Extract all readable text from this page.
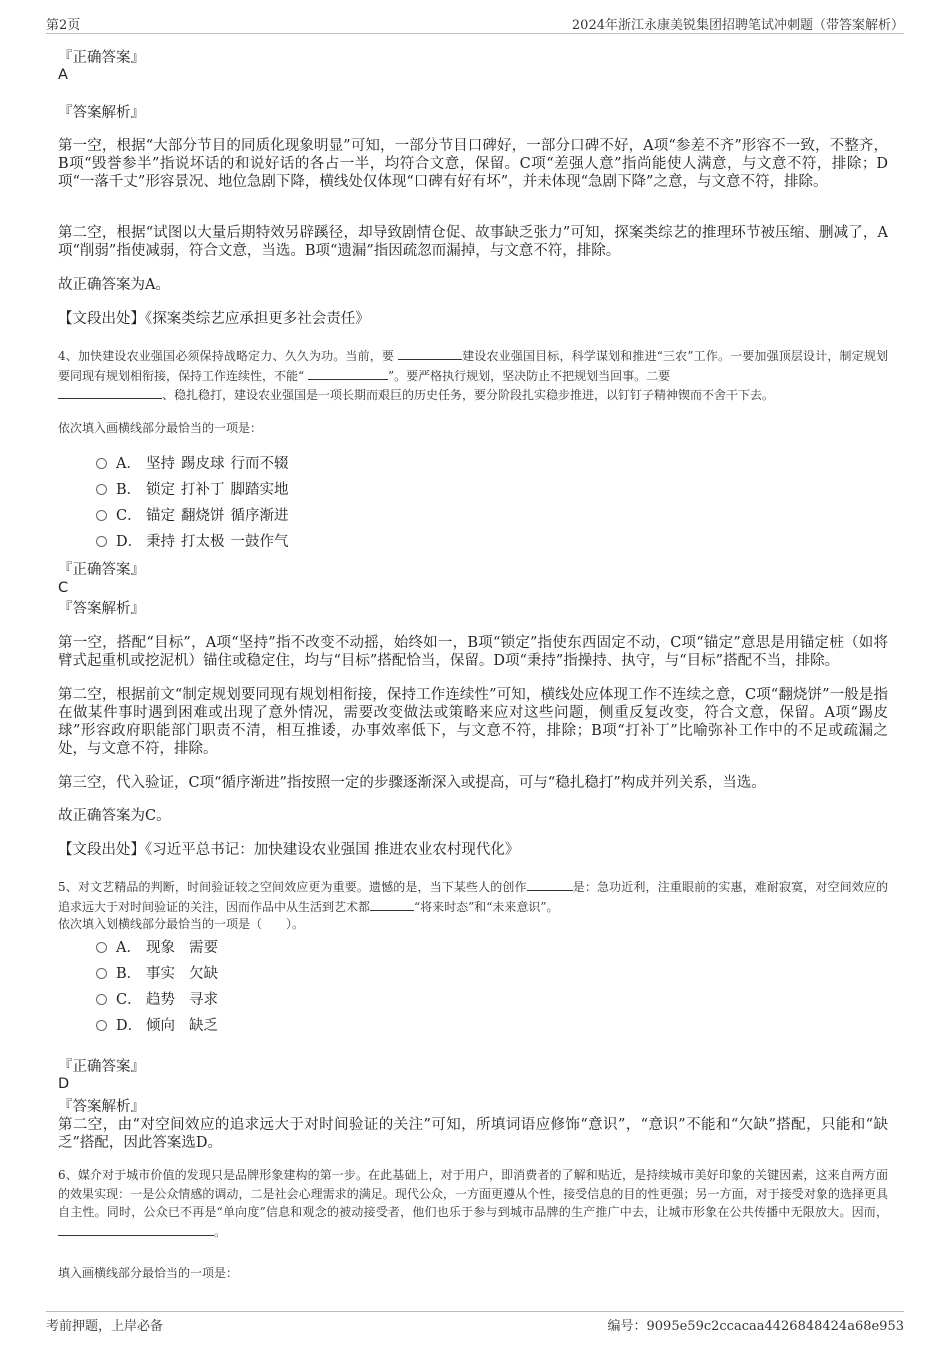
第2页	2024年浙江永康美锐集团招聘笔试冲刺题（带答案解析）
『正确答案』
A
『答案解析』
第一空，根据“大部分节目的同质化现象明显”可知，一部分节目口碑好，一部分口碑不好，A项“参差不齐”形容不一致，不整齐，B项“毁誉参半”指说坏话的和说好话的各占一半，均符合文意，保留。C项“差强人意”指尚能使人满意，与文意不符，排除；D项“一落千丈”形容景况、地位急剧下降，横线处仅体现“口碑有好有坏”，并未体现“急剧下降”之意，与文意不符，排除。
第二空，根据“试图以大量后期特效另辟蹊径，却导致剧情仓促、故事缺乏张力”可知，探案类综艺的推理环节被压缩、删减了，A项“削弱”指使减弱，符合文意，当选。B项“遗漏”指因疏忽而漏掉，与文意不符，排除。
故正确答案为A。
【文段出处】《探案类综艺应承担更多社会责任》
4、加快建设农业强国必须保持战略定力、久久为功。当前，要	建设农业强国目标，科学谋划和推进“三农”工作。一要加强顶层设计，制定规划要同现有规划相衔接，保持工作连续性，不能“	”。要严格执行规划，坚决防止不把规划当回事。二要
、稳扎稳打，建设农业强国是一项长期而艰巨的历史任务，要分阶段扎实稳步推进，以钉钉子精神锲而不舍干下去。
依次填入画横线部分最恰当的一项是：
A． 坚持 踢皮球 行而不辍
B． 锁定 打补丁 脚踏实地
C． 锚定 翻烧饼 循序渐进
D． 秉持 打太极 一鼓作气
『正确答案』
C
『答案解析』
第一空，搭配“目标”，A项“坚持”指不改变不动摇，始终如一，B项“锁定”指使东西固定不动，C项“锚定”意思是用锚定桩（如将臂式起重机或挖泥机）锚住或稳定住，均与“目标”搭配恰当，保留。D项“秉持”指操持、执守，与“目标”搭配不当，排除。
第二空，根据前文“制定规划要同现有规划相衔接，保持工作连续性”可知，横线处应体现工作不连续之意，C项“翻烧饼”一般是指在做某件事时遇到困难或出现了意外情况，需要改变做法或策略来应对这些问题，侧重反复改变，符合文意，保留。A项“踢皮球”形容政府职能部门职责不清，相互推诿，办事效率低下，与文意不符，排除；B项“打补丁”比喻弥补工作中的不足或疏漏之处，与文意不符，排除。
第三空，代入验证，C项“循序渐进”指按照一定的步骤逐渐深入或提高，可与“稳扎稳打”构成并列关系，当选。
故正确答案为C。
【文段出处】《习近平总书记：加快建设农业强国 推进农业农村现代化》
5、对文艺精品的判断，时间验证较之空间效应更为重要。遗憾的是，当下某些人的创作	是：急功近利，注重眼前的实惠，难耐寂寞，对空间效应的追求远大于对时间验证的关注，因而作品中从生活到艺术都	“将来时态”和“未来意识”。
依次填入划横线部分最恰当的一项是（　　）。
A． 现象 需要
B． 事实 欠缺
C． 趋势 寻求
D． 倾向 缺乏
『正确答案』
D
『答案解析』
第二空，由“对空间效应的追求远大于对时间验证的关注”可知，所填词语应修饰“意识”，“意识”不能和“欠缺”搭配，只能和“缺乏”搭配，因此答案选D。
6、媒介对于城市价值的发现只是品牌形象建构的第一步。在此基础上，对于用户，即消费者的了解和贴近，是持续城市美好印象的关键因素，这来自两方面的效果实现：一是公众情感的调动，二是社会心理需求的满足。现代公众，一方面更遵从个性，接受信息的目的性更强；另一方面，对于接受对象的选择更具自主性。同时，公众已不再是“单向度”信息和观念的被动接受者，他们也乐于参与到城市品牌的生产推广中去，让城市形象在公共传播中无限放大。因而，。
填入画横线部分最恰当的一项是：
考前押题，上岸必备	编号：9095e59c2ccacaa4426848424a68e953
